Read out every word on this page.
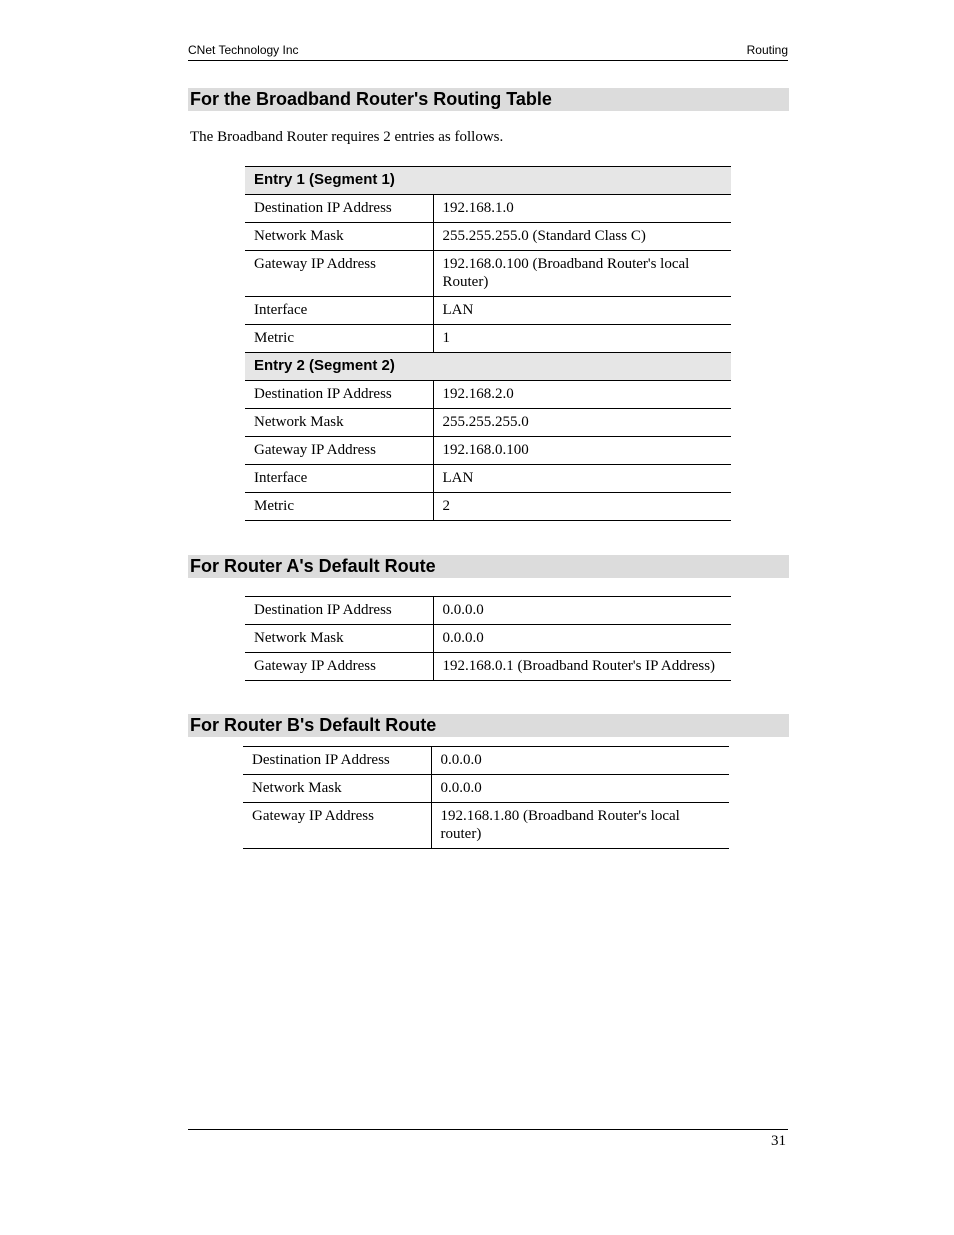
CNet Technology Inc	Routing
For the Broadband Router's Routing Table

The Broadband Router requires 2 entries as follows.

Entry 1 (Segment 1)	
Destination IP Address	192.168.1.0
Network Mask	255.255.255.0 (Standard Class C)
Gateway IP Address	192.168.0.100 (Broadband Router's local Router)
Interface	LAN
Metric	1
Entry 2 (Segment 2)	
Destination IP Address	192.168.2.0
Network Mask	255.255.255.0
Gateway IP Address	192.168.0.100
Interface	LAN
Metric	2
For Router A's Default Route
Destination IP Address	0.0.0.0
Network Mask	0.0.0.0
Gateway IP Address	192.168.0.1 (Broadband Router's IP Address)
For Router B's Default Route
Destination IP Address	0.0.0.0
Network Mask	0.0.0.0
Gateway IP Address	192.168.1.80 (Broadband Router's local router)
31
